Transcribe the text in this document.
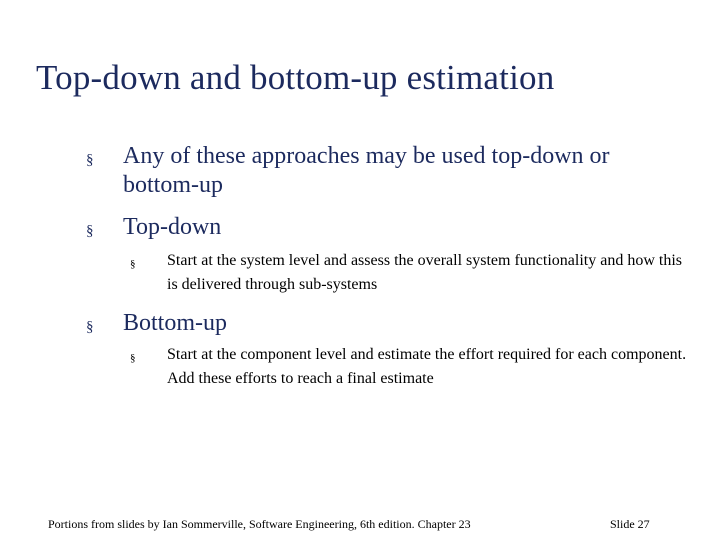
Top-down and bottom-up estimation
§	Any of these approaches may be used top-down or bottom-up
§	Top-down
§	Start at the system level and assess the overall system functionality and how this is delivered through sub-systems
§	Bottom-up
§	Start at the component level and estimate the effort required for each component. Add these efforts to reach a final estimate
Portions from slides by Ian Sommerville, Software Engineering, 6th edition. Chapter 23	Slide 27
